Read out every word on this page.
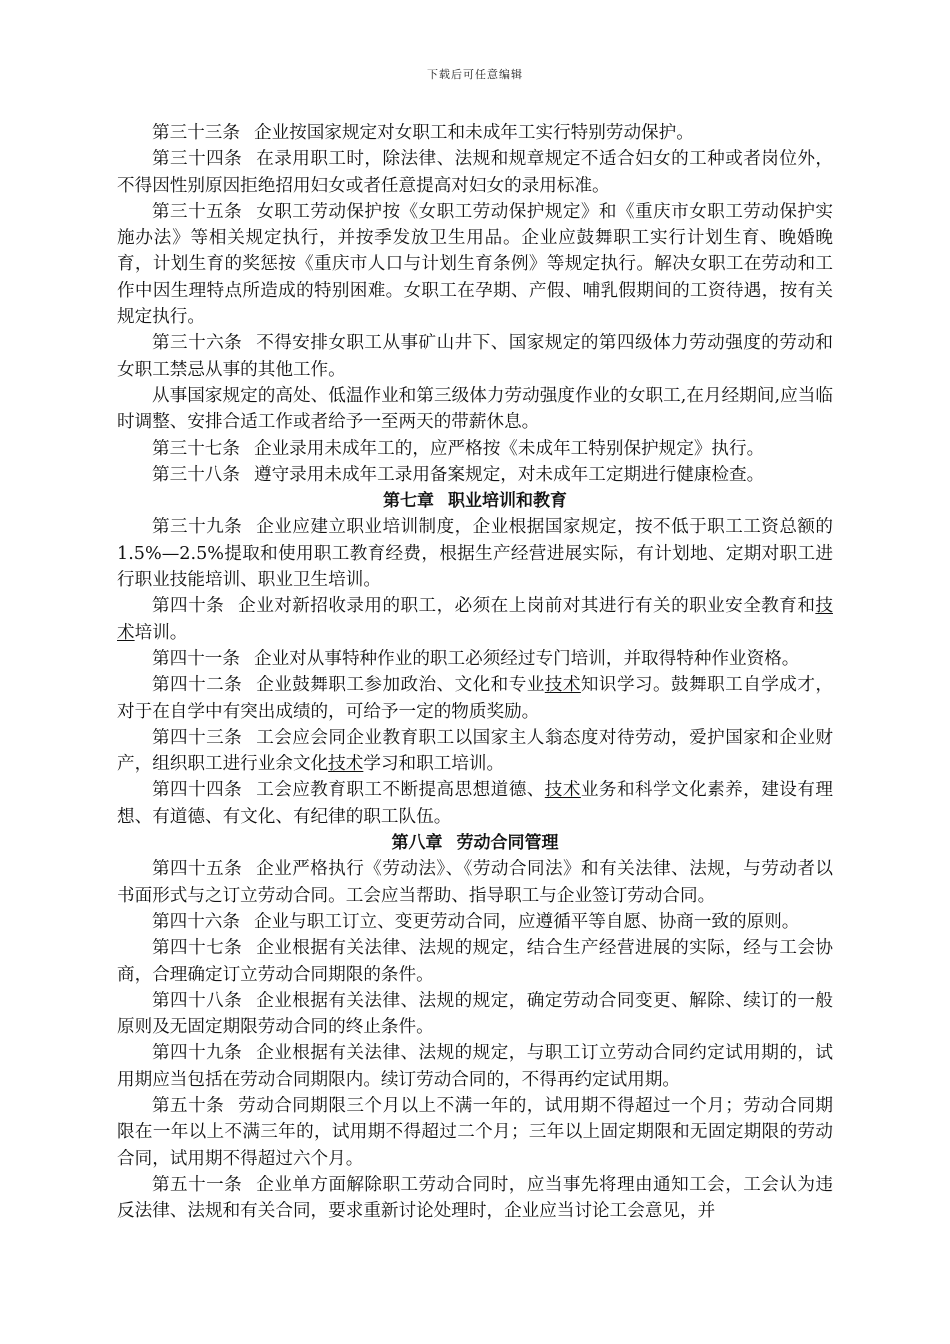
下载后可任意编辑

第三十三条 企业按国家规定对女职工和未成年工实行特别劳动保护。

第三十四条 在录用职工时，除法律、法规和规章规定不适合妇女的工种或者岗位外，不得因性别原因拒绝招用妇女或者任意提高对妇女的录用标准。

第三十五条 女职工劳动保护按《女职工劳动保护规定》和《重庆市女职工劳动保护实施办法》等相关规定执行，并按季发放卫生用品。企业应鼓舞职工实行计划生育、晚婚晚育，计划生育的奖惩按《重庆市人口与计划生育条例》等规定执行。解决女职工在劳动和工作中因生理特点所造成的特别困难。女职工在孕期、产假、哺乳假期间的工资待遇，按有关规定执行。

第三十六条 不得安排女职工从事矿山井下、国家规定的第四级体力劳动强度的劳动和女职工禁忌从事的其他工作。

从事国家规定的高处、低温作业和第三级体力劳动强度作业的女职工,在月经期间,应当临时调整、安排合适工作或者给予一至两天的带薪休息。

第三十七条 企业录用未成年工的，应严格按《未成年工特别保护规定》执行。

第三十八条 遵守录用未成年工录用备案规定，对未成年工定期进行健康检查。

第七章 职业培训和教育

第三十九条 企业应建立职业培训制度，企业根据国家规定，按不低于职工工资总额的1.5%—2.5%提取和使用职工教育经费，根据生产经营进展实际，有计划地、定期对职工进行职业技能培训、职业卫生培训。

第四十条 企业对新招收录用的职工，必须在上岗前对其进行有关的职业安全教育和技术培训。

第四十一条 企业对从事特种作业的职工必须经过专门培训，并取得特种作业资格。

第四十二条 企业鼓舞职工参加政治、文化和专业技术知识学习。鼓舞职工自学成才，对于在自学中有突出成绩的，可给予一定的物质奖励。

第四十三条 工会应会同企业教育职工以国家主人翁态度对待劳动，爱护国家和企业财产，组织职工进行业余文化技术学习和职工培训。

第四十四条 工会应教育职工不断提高思想道德、技术业务和科学文化素养，建设有理想、有道德、有文化、有纪律的职工队伍。

第八章 劳动合同管理

第四十五条 企业严格执行《劳动法》、《劳动合同法》和有关法律、法规，与劳动者以书面形式与之订立劳动合同。工会应当帮助、指导职工与企业签订劳动合同。

第四十六条 企业与职工订立、变更劳动合同，应遵循平等自愿、协商一致的原则。

第四十七条 企业根据有关法律、法规的规定，结合生产经营进展的实际，经与工会协商，合理确定订立劳动合同期限的条件。

第四十八条 企业根据有关法律、法规的规定，确定劳动合同变更、解除、续订的一般原则及无固定期限劳动合同的终止条件。

第四十九条 企业根据有关法律、法规的规定，与职工订立劳动合同约定试用期的，试用期应当包括在劳动合同期限内。续订劳动合同的，不得再约定试用期。

第五十条 劳动合同期限三个月以上不满一年的，试用期不得超过一个月；劳动合同期限在一年以上不满三年的，试用期不得超过二个月；三年以上固定期限和无固定期限的劳动合同，试用期不得超过六个月。

第五十一条 企业单方面解除职工劳动合同时，应当事先将理由通知工会，工会认为违反法律、法规和有关合同，要求重新讨论处理时，企业应当讨论工会意见，并
